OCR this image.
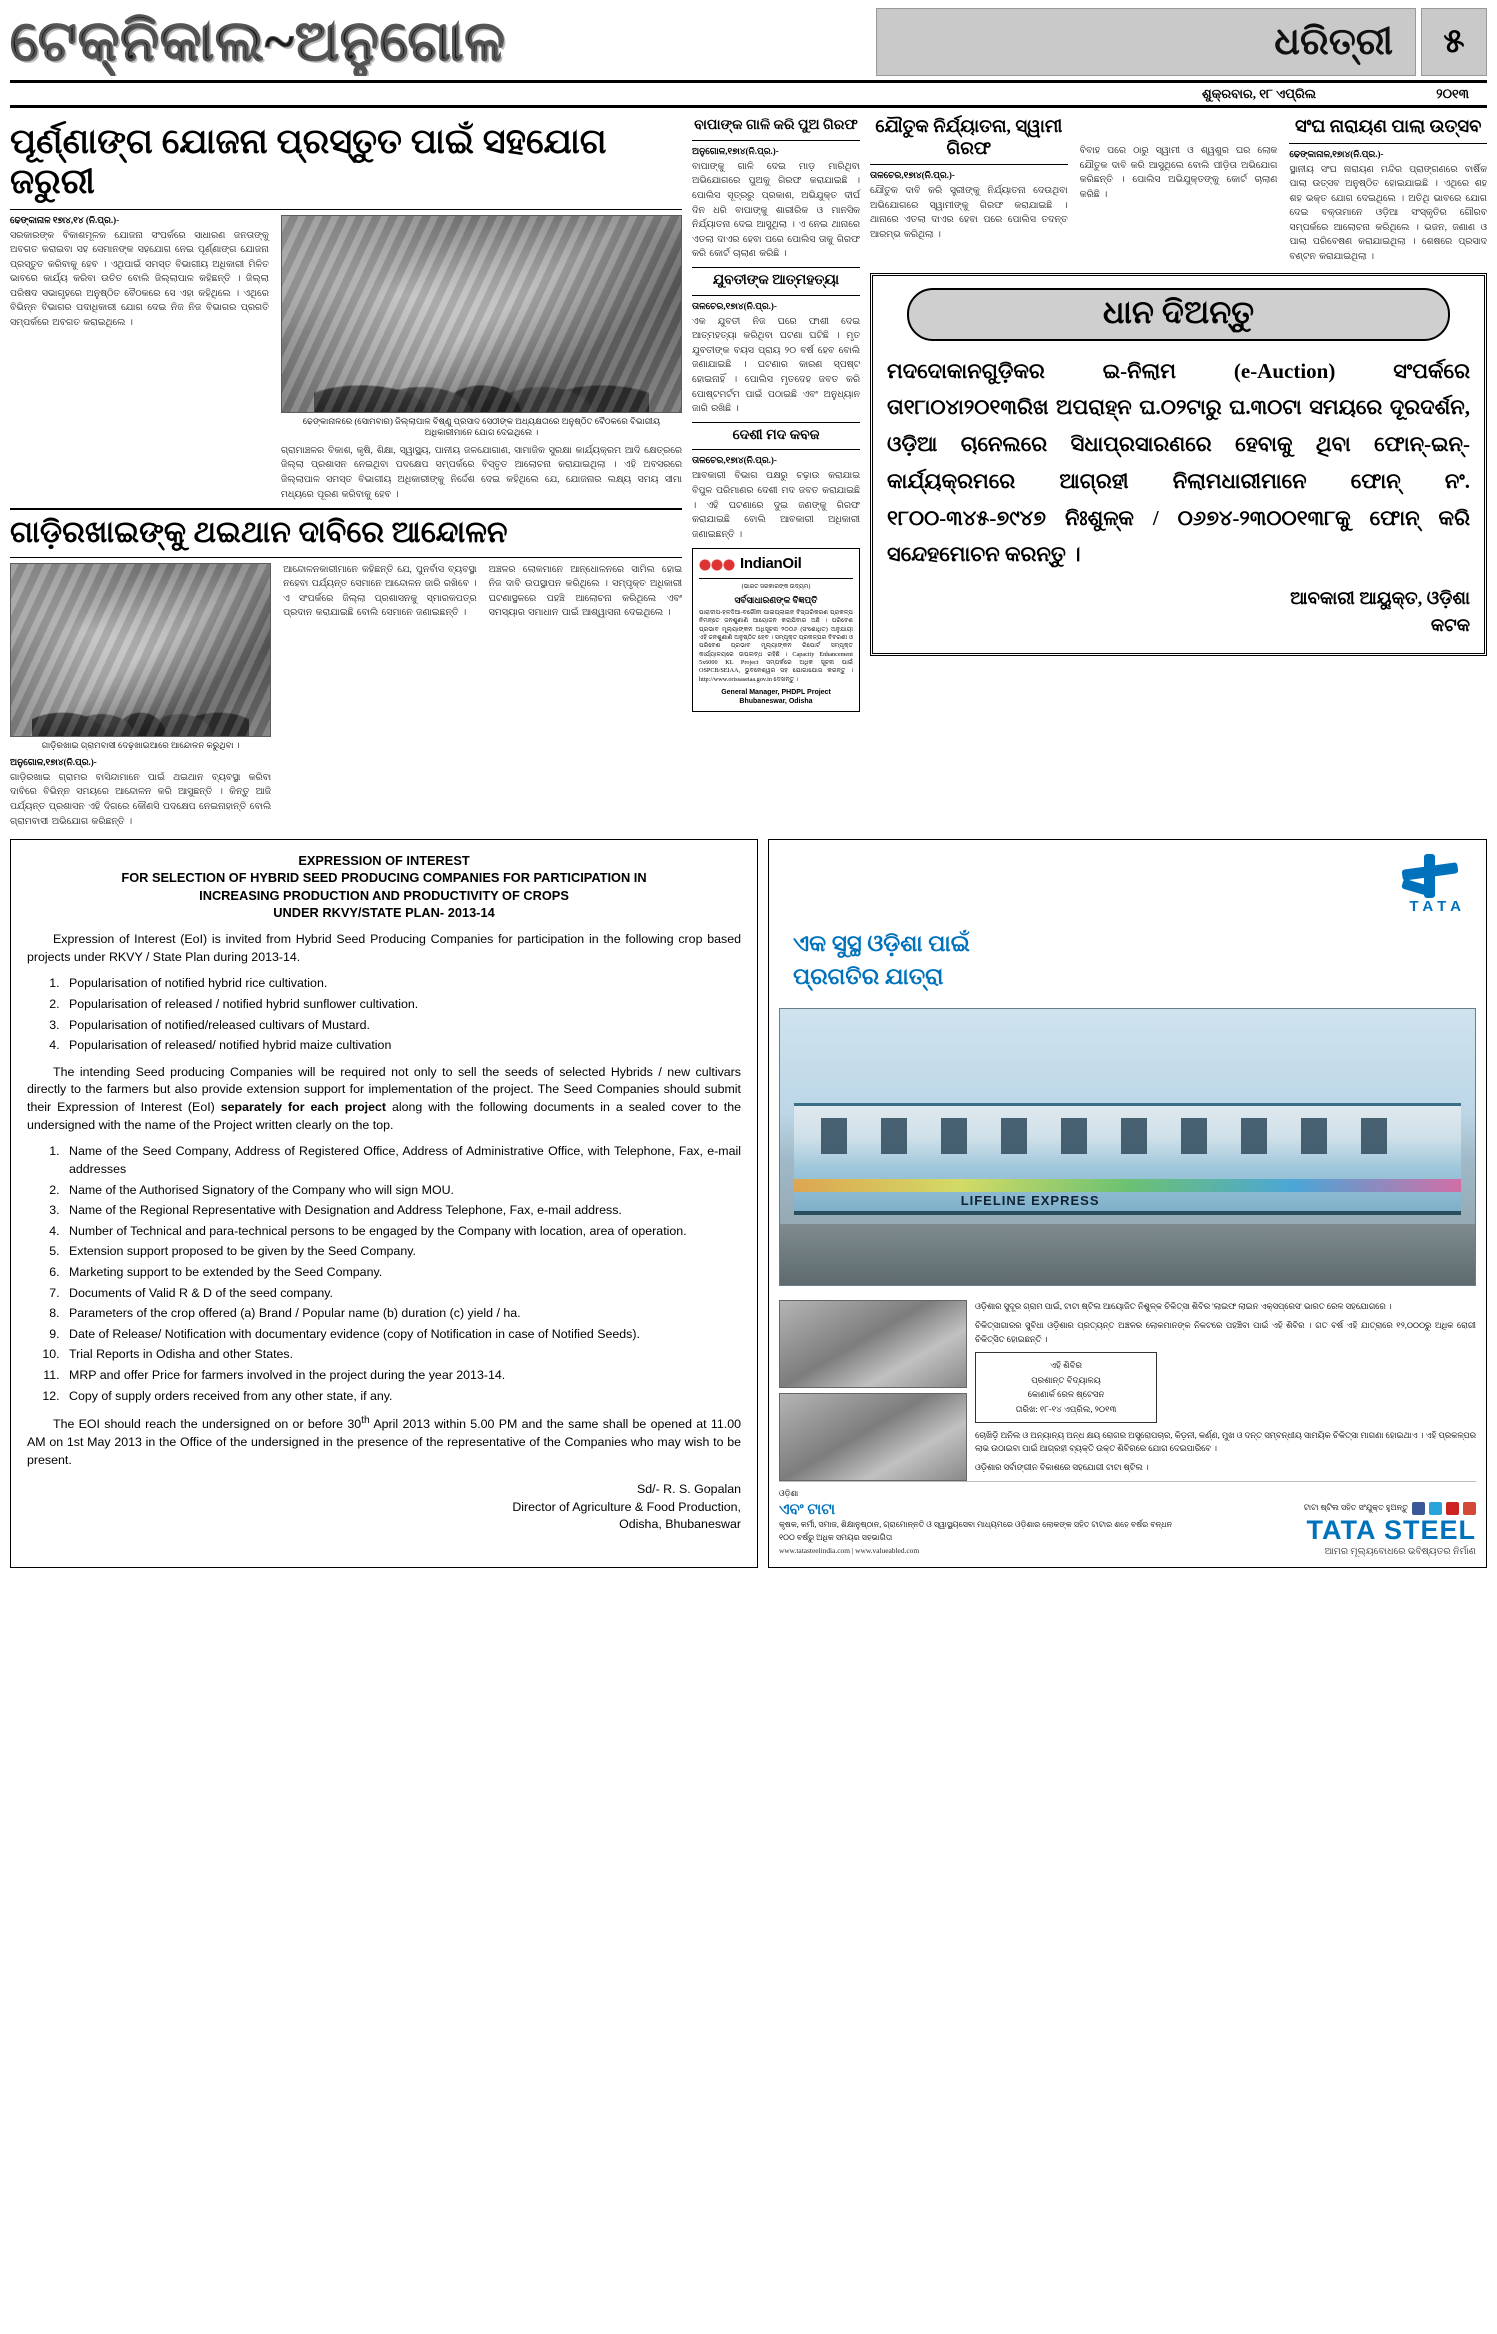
ଟେକ୍ନିକାଲ~ଅନୁଗୋଳ	ଧରିତ୍ରୀ	୫
ଶୁକ୍ରବାର, ୧୮ ଏପ୍ରିଲ	୨୦୧୩
ପୂର୍ଣ୍ଣାଙ୍ଗ ଯୋଜନା ପ୍ରସ୍ତୁତ ପାଇଁ ସହଯୋଗ ଜରୁରୀ
ଢେଙ୍କାନାଳ ୧୭ା୪,୧୪ (ନି.ପ୍ର.)-
ସରକାରଙ୍କ ବିକାଶମୂଳକ ଯୋଜନା ସଂପର୍କରେ ସାଧାରଣ ଜନତାଙ୍କୁ ଅବଗତ କରାଇବା ସହ ସେମାନଙ୍କ ସହଯୋଗ ନେଇ ପୂର୍ଣ୍ଣାଙ୍ଗ ଯୋଜନା ପ୍ରସ୍ତୁତ କରିବାକୁ ହେବ । ଏଥିପାଇଁ ସମସ୍ତ ବିଭାଗୀୟ ଅଧିକାରୀ ମିଳିତ ଭାବରେ କାର୍ଯ୍ୟ କରିବା ଉଚିତ ବୋଲି ଜିଲ୍ଲାପାଳ କହିଛନ୍ତି । ଜିଲ୍ଲା ପରିଷଦ ସଭାଗୃହରେ ଅନୁଷ୍ଠିତ ବୈଠକରେ ସେ ଏହା କହିଥିଲେ । ଏଥିରେ ବିଭିନ୍ନ ବିଭାଗର ପଦାଧିକାରୀ ଯୋଗ ଦେଇ ନିଜ ନିଜ ବିଭାଗର ପ୍ରଗତି ସମ୍ପର୍କରେ ଅବଗତ କରାଇଥିଲେ ।
ଢେଙ୍କାନାଳରେ (ସୋମବାର) ଜିଲ୍ଲାପାଳ ବିଷ୍ଣୁ ପ୍ରସାଦ ସେଠୀଙ୍କ ଅଧ୍ୟକ୍ଷତାରେ ଅନୁଷ୍ଠିତ ବୈଠକରେ ବିଭାଗୀୟ ଅଧିକାରୀମାନେ ଯୋଗ ଦେଇଥିଲେ ।
ଗ୍ରାମାଞ୍ଚଳର ବିକାଶ, କୃଷି, ଶିକ୍ଷା, ସ୍ୱାସ୍ଥ୍ୟ, ପାନୀୟ ଜଳଯୋଗାଣ, ସାମାଜିକ ସୁରକ୍ଷା କାର୍ଯ୍ୟକ୍ରମ ଆଦି କ୍ଷେତ୍ରରେ ଜିଲ୍ଲା ପ୍ରଶାସନ ନେଇଥିବା ପଦକ୍ଷେପ ସମ୍ପର୍କରେ ବିସ୍ତୃତ ଆଲୋଚନା କରାଯାଇଥିଲା । ଏହି ଅବସରରେ ଜିଲ୍ଲାପାଳ ସମସ୍ତ ବିଭାଗୀୟ ଅଧିକାରୀଙ୍କୁ ନିର୍ଦ୍ଦେଶ ଦେଇ କହିଥିଲେ ଯେ, ଯୋଜନାର ଲକ୍ଷ୍ୟ ସମୟ ସୀମା ମଧ୍ୟରେ ପୂରଣ କରିବାକୁ ହେବ ।
ଗାଡ଼ିରଖାଇଙ୍କୁ ଥଇଥାନ ଦାବିରେ ଆନ୍ଦୋଳନ
ଗାଡ଼ିରଖାଇ ଗ୍ରାମବାସୀ ଦେଢ଼ଖାଇଆରେ ଆନ୍ଦୋଳନ କରୁଥିବା ।
ଅନୁଗୋଳ,୧୭ା୪(ନି.ପ୍ର.)-
ଗାଡ଼ିରଖାଇ ଗ୍ରାମର ବାସିନ୍ଦାମାନେ ପାଇଁ ଥଇଥାନ ବ୍ୟବସ୍ଥା କରିବା ଦାବିରେ ବିଭିନ୍ନ ସମୟରେ ଆନ୍ଦୋଳନ କରି ଆସୁଛନ୍ତି । କିନ୍ତୁ ଆଜି ପର୍ଯ୍ୟନ୍ତ ପ୍ରଶାସନ ଏହି ଦିଗରେ କୌଣସି ପଦକ୍ଷେପ ନେଇନାହାନ୍ତି ବୋଲି ଗ୍ରାମବାସୀ ଅଭିଯୋଗ କରିଛନ୍ତି ।
ଆନ୍ଦୋଳନକାରୀମାନେ କହିଛନ୍ତି ଯେ, ପୁନର୍ବାସ ବ୍ୟବସ୍ଥା ନହେବା ପର୍ଯ୍ୟନ୍ତ ସେମାନେ ଆନ୍ଦୋଳନ ଜାରି ରଖିବେ । ଏ ସଂପର୍କରେ ଜିଲ୍ଲା ପ୍ରଶାସନକୁ ସ୍ମାରକପତ୍ର ପ୍ରଦାନ କରାଯାଇଛି ବୋଲି ସେମାନେ ଜଣାଇଛନ୍ତି ।
ଅଞ୍ଚଳର ଲୋକମାନେ ଆନ୍ଧୋଳନରେ ସାମିଲ ହୋଇ ନିଜ ଦାବି ଉପସ୍ଥାପନ କରିଥିଲେ । ସମ୍ପୃକ୍ତ ଅଧିକାରୀ ଘଟଣାସ୍ଥଳରେ ପହଞ୍ଚି ଆଲୋଚନା କରିଥିଲେ ଏବଂ ସମସ୍ୟାର ସମାଧାନ ପାଇଁ ଆଶ୍ୱାସନା ଦେଇଥିଲେ ।
ବାପାଙ୍କ ଗାଳି କରି ପୁଅ ଗିରଫ
ଅନୁଗୋଳ,୧୭ା୪(ନି.ପ୍ର.)-
ବାପାଙ୍କୁ ଗାଳି ଦେଇ ମାଡ଼ ମାରିଥିବା ଅଭିଯୋଗରେ ପୁଅକୁ ଗିରଫ କରାଯାଇଛି । ପୋଲିସ ସୂତ୍ରରୁ ପ୍ରକାଶ, ଅଭିଯୁକ୍ତ ଦୀର୍ଘ ଦିନ ଧରି ବାପାଙ୍କୁ ଶାରୀରିକ ଓ ମାନସିକ ନିର୍ଯ୍ୟାତନା ଦେଇ ଆସୁଥିଲା । ଏ ନେଇ ଥାନାରେ ଏତଲା ଦାଏର ହେବା ପରେ ପୋଲିସ ତାକୁ ଗିରଫ କରି କୋର୍ଟ ଚାଲାଣ କରିଛି ।
ଯୁବତୀଙ୍କ ଆତ୍ମହତ୍ୟା
ତାଳଚେର,୧୭ା୪(ନି.ପ୍ର.)-
ଏକ ଯୁବତୀ ନିଜ ଘରେ ଫାଶୀ ଦେଇ ଆତ୍ମହତ୍ୟା କରିଥିବା ଘଟଣା ଘଟିଛି । ମୃତ ଯୁବତୀଙ୍କ ବୟସ ପ୍ରାୟ ୨୦ ବର୍ଷ ହେବ ବୋଲି ଜଣାଯାଇଛି । ଘଟଣାର କାରଣ ସ୍ପଷ୍ଟ ହୋଇନାହିଁ । ପୋଲିସ ମୃତଦେହ ଜବତ କରି ପୋଷ୍ଟମର୍ଟମ ପାଇଁ ପଠାଇଛି ଏବଂ ଅନୁଧ୍ୟାନ ଜାରି ରଖିଛି ।
ଦେଶୀ ମଦ କବଜ
ତାଳଚେର,୧୭ା୪(ନି.ପ୍ର.)-
ଆବକାରୀ ବିଭାଗ ପକ୍ଷରୁ ଚଢ଼ାଉ କରାଯାଇ ବିପୁଳ ପରିମାଣର ଦେଶୀ ମଦ ଜବତ କରାଯାଇଛି । ଏହି ଘଟଣାରେ ଦୁଇ ଜଣଙ୍କୁ ଗିରଫ କରାଯାଇଛି ବୋଲି ଆବକାରୀ ଅଧିକାରୀ ଜଣାଇଛନ୍ତି ।
IndianOil
(ଭାରତ ସରକାରଙ୍କ ଉଦ୍ୟମ)
ସର୍ବସାଧାରଣଙ୍କ ବିଜ୍ଞପ୍ତି
ପାରାଦୀପ-ହଳଦିଆ-ବରୌନୀ ପାଇପ୍‌ଲାଇନ ବିସ୍ତାରିକରଣ ପ୍ରକଳ୍ପ ନିମନ୍ତେ ଜନଶୁଣାଣି ଆୟୋଜନ କରାଯିବାର ଅଛି । ପରିବେଶ ପ୍ରଭାବ ମୂଲ୍ୟାଙ୍କନ ଅଧିସୂଚନା ୨୦୦୬ (ସଂଶୋଧିତ) ଅନୁଯାୟୀ ଏହି ଜନଶୁଣାଣି ଅନୁଷ୍ଠିତ ହେବ । ସମ୍ପୃକ୍ତ ପ୍ରକଳ୍ପର ବିବରଣୀ ଓ ପରିବେଶ ପ୍ରଭାବ ମୂଲ୍ୟାଙ୍କନ ରିପୋର୍ଟ ସମ୍ପୃକ୍ତ କାର୍ଯ୍ୟାଳୟରେ ଉପଲବ୍ଧ ରହିଛି । Capacity Enhancement 5x6000 KL Project ସମ୍ପର୍କରେ ଅଧିକ ସୂଚନା ପାଇଁ OSPCB/SEIAA, ଭୁବନେଶ୍ୱର ସହ ଯୋଗାଯୋଗ କରନ୍ତୁ । http://www.orissaseiaa.gov.in ଦେଖନ୍ତୁ ।
General Manager, PHDPL Project
Bhubaneswar, Odisha
ଯୌତୁକ ନିର୍ଯ୍ୟାତନା, ସ୍ୱାମୀ ଗିରଫ
ତାଳଚେର,୧୭ା୪(ନି.ପ୍ର.)-
ଯୌତୁକ ଦାବି କରି ସ୍ତ୍ରୀଙ୍କୁ ନିର୍ଯ୍ୟାତନା ଦେଉଥିବା ଅଭିଯୋଗରେ ସ୍ୱାମୀଙ୍କୁ ଗିରଫ କରାଯାଇଛି । ଥାନାରେ ଏତଲା ଦାଏର ହେବା ପରେ ପୋଲିସ ତଦନ୍ତ ଆରମ୍ଭ କରିଥିଲା ।
ବିବାହ ପରେ ଠାରୁ ସ୍ୱାମୀ ଓ ଶ୍ୱଶୁର ଘର ଲୋକ ଯୌତୁକ ଦାବି କରି ଆସୁଥିଲେ ବୋଲି ପୀଡ଼ିତା ଅଭିଯୋଗ କରିଛନ୍ତି । ପୋଲିସ ଅଭିଯୁକ୍ତଙ୍କୁ କୋର୍ଟ ଚାଲାଣ କରିଛି ।
ସଂଘ ନାରାୟଣ ପାଲା ଉତ୍ସବ
ଢେଙ୍କାନାଳ,୧୭ା୪(ନି.ପ୍ର.)-
ସ୍ଥାନୀୟ ସଂଘ ନାରାୟଣ ମନ୍ଦିର ପ୍ରାଙ୍ଗଣରେ ବାର୍ଷିକ ପାଲା ଉତ୍ସବ ଅନୁଷ୍ଠିତ ହୋଇଯାଇଛି । ଏଥିରେ ଶହ ଶହ ଭକ୍ତ ଯୋଗ ଦେଇଥିଲେ । ଅତିଥି ଭାବରେ ଯୋଗ ଦେଇ ବକ୍ତାମାନେ ଓଡ଼ିଆ ସଂସ୍କୃତିର ଗୌରବ ସମ୍ପର୍କରେ ଆଲୋଚନା କରିଥିଲେ । ଭଜନ, ଜଣାଣ ଓ ପାଲା ପରିବେଷଣ କରାଯାଇଥିଲା । ଶେଷରେ ପ୍ରସାଦ ବଣ୍ଟନ କରାଯାଇଥିଲା ।
ଧାନ ଦିଅନ୍ତୁ
ମଦଦୋକାନଗୁଡ଼ିକର ଇ-ନିଲାମ (e-Auction) ସଂପର୍କରେ ତା୧୮ା୦୪ା୨୦୧୩ରିଖ ଅପରାହ୍ନ ଘ.୦୨ଟାରୁ ଘ.୩୦ଟା ସମୟରେ ଦୂରଦର୍ଶନ, ଓଡ଼ିଆ ଚାନେଲରେ ସିଧାପ୍ରସାରଣରେ ହେବାକୁ ଥିବା ଫୋନ୍-ଇନ୍-କାର୍ଯ୍ୟକ୍ରମରେ ଆଗ୍ରହୀ ନିଲାମଧାରୀମାନେ ଫୋନ୍ ନଂ. ୧୮୦୦-୩୪୫-୭୯୪୭ ନିଃଶୁଳ୍କ / ୦୬୭୪-୨୩୦୦୧୩୮କୁ ଫୋନ୍ କରି ସନ୍ଦେହମୋଚନ କରନ୍ତୁ ।
ଆବକାରୀ ଆୟୁକ୍ତ, ଓଡ଼ିଶା
କଟକ
EXPRESSION OF INTEREST
FOR SELECTION OF HYBRID SEED PRODUCING COMPANIES FOR PARTICIPATION IN
INCREASING PRODUCTION AND PRODUCTIVITY OF CROPS
UNDER RKVY/STATE PLAN- 2013-14

Expression of Interest (EoI) is invited from Hybrid Seed Producing Companies for participation in the following crop based projects under RKVY / State Plan during 2013-14.

1. Popularisation of notified hybrid rice cultivation.
2. Popularisation of released / notified hybrid sunflower cultivation.
3. Popularisation of notified/released cultivars of Mustard.
4. Popularisation of released/ notified hybrid maize cultivation

The intending Seed producing Companies will be required not only to sell the seeds of selected Hybrids / new cultivars directly to the farmers but also provide extension support for implementation of the project. The Seed Companies should submit their Expression of Interest (EoI) separately for each project along with the following documents in a sealed cover to the undersigned with the name of the Project written clearly on the top.

1. Name of the Seed Company, Address of Registered Office, Address of Administrative Office, with Telephone, Fax, e-mail addresses
2. Name of the Authorised Signatory of the Company who will sign MOU.
3. Name of the Regional Representative with Designation and Address Telephone, Fax, e-mail address.
4. Number of Technical and para-technical persons to be engaged by the Company with location, area of operation.
5. Extension support proposed to be given by the Seed Company.
6. Marketing support to be extended by the Seed Company.
7. Documents of Valid R & D of the seed company.
8. Parameters of the crop offered (a) Brand / Popular name (b) duration (c) yield / ha.
9. Date of Release/ Notification with documentary evidence (copy of Notification in case of Notified Seeds).
10. Trial Reports in Odisha and other States.
11. MRP and offer Price for farmers involved in the project during the year 2013-14.
12. Copy of supply orders received from any other state, if any.

The EOI should reach the undersigned on or before 30th April 2013 within 5.00 PM and the same shall be opened at 11.00 AM on 1st May 2013 in the Office of the undersigned in the presence of the representative of the Companies who may wish to be present.

Sd/- R. S. Gopalan
Director of Agriculture & Food Production,
Odisha, Bhubaneswar
TATA
ଏକ ସୁସ୍ଥ ଓଡ଼ିଶା ପାଇଁ
ପ୍ରଗତିର ଯାତ୍ରା
LIFELINE EXPRESS

ଓଡ଼ିଶାର ସୁଦୂର ଗ୍ରାମ ପାଇଁ, ଟାଟା ଷ୍ଟିଲ ଆୟୋଜିତ ନିଶୁଳ୍କ ଚିକିତ୍ସା ଶିବିର 'ଲାଇଫ ଲାଇନ ଏକ୍ସପ୍ରେସ' ଭାରତ ରେଳ ସହଯୋଗରେ ।

ଚିକିତ୍ସାଗାରର ସୁବିଧା ଓଡ଼ିଶାର ପ୍ରତ୍ୟନ୍ତ ଅଞ୍ଚଳର ଲୋକମାନଙ୍କ ନିକଟରେ ପହଞ୍ଚିବା ପାଇଁ ଏହି ଶିବିର । ଗତ ବର୍ଷ ଏହି ଯାତ୍ରାରେ ୧୨,୦୦୦ରୁ ଅଧିକ ରୋଗୀ ଚିକିତ୍ସିତ ହୋଇଛନ୍ତି ।

ଏହି ଶିବିର
ପ୍ରଶାନ୍ତ ବିଦ୍ୟାଳୟ
କୋଣାର୍କ ରେଳ ଷ୍ଟେସନ
ତାରିଖ: ୧୮-୧୪ ଏପ୍ରିଲ, ୨୦୧୩

ଚୋଖିଡ଼ି ଅନିଲ ଓ ଅନ୍ୟାନ୍ୟ ଅନ୍ଧ କ୍ଷୟ ରୋଗର ଅସ୍ତ୍ରୋପଚାର, କିଡ଼ନୀ, କର୍ଣ୍ଣ, ମୁଖ ଓ ଦନ୍ତ ସମ୍ବନ୍ଧୀୟ ସାମୟିକ ଚିକିତ୍ସା ମାଗଣା ହୋଇଥାଏ । ଏହି ପ୍ରକଳ୍ପର ଲାଭ ଉଠାଇବା ପାଇଁ ଆଗ୍ରହୀ ବ୍ୟକ୍ତି ଉକ୍ତ ଶିବିରରେ ଯୋଗ ଦେଇପାରିବେ ।

ଓଡ଼ିଶାର ସର୍ବାଙ୍ଗୀନ ବିକାଶରେ ସହଯୋଗୀ ଟାଟା ଷ୍ଟିଲ ।

ଓଡ଼ିଶା
ଏବଂ ଟାଟା
କୃଷକ, କର୍ମୀ, ସମାଜ, ଶିକ୍ଷାନୁଷ୍ଠାନ, ଗ୍ରାମୋନ୍ନତି ଓ ସ୍ୱାସ୍ଥ୍ୟସେବା ମାଧ୍ୟମରେ ଓଡ଼ିଶାର ଲୋକଙ୍କ ସହିତ ଟାଟାର ଶହେ ବର୍ଷର ବନ୍ଧନ
୧୦୦ ବର୍ଷରୁ ଅଧିକ ସମୟର ସହଭାଗିତା
www.tatasteelindia.com | www.valueabled.com
ଟାଟା ଷ୍ଟିଲ ସହିତ ସଂଯୁକ୍ତ ହୁଅନ୍ତୁ
TATA STEEL
ଆମର ମୂଲ୍ୟବୋଧରେ ଭବିଷ୍ୟତର ନିର୍ମାଣ
